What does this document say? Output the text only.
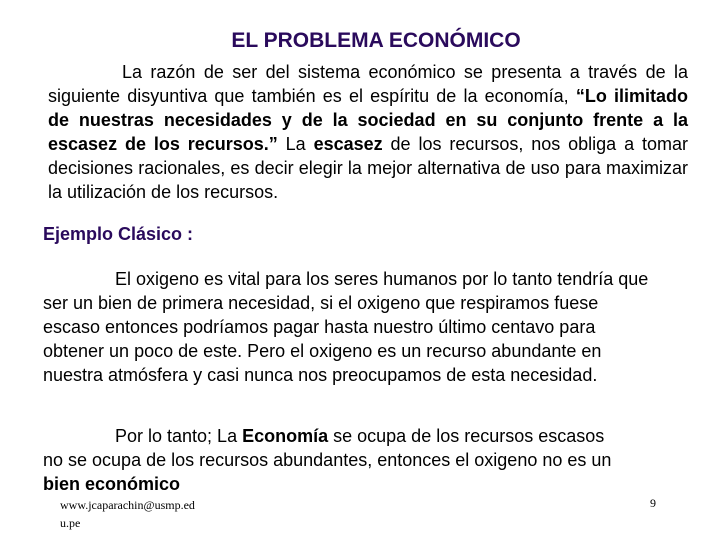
EL PROBLEMA ECONÓMICO

La razón de ser del sistema económico se presenta a través de la siguiente disyuntiva que también es el espíritu de la economía, “Lo ilimitado de nuestras necesidades y de la sociedad en su conjunto frente a la escasez de los recursos.” La escasez de los recursos, nos obliga a tomar decisiones racionales, es decir elegir la mejor alternativa de uso para maximizar la utilización de los recursos.

Ejemplo Clásico :

El oxigeno es vital para los seres humanos por lo tanto tendría que ser un bien de primera necesidad, si el oxigeno que respiramos fuese escaso entonces podríamos pagar hasta nuestro último centavo para obtener un poco de este. Pero el oxigeno es un recurso abundante en nuestra atmósfera y casi nunca nos preocupamos de esta necesidad.

Por lo tanto; La Economía se ocupa de los recursos escasos no se ocupa de los recursos abundantes, entonces el oxigeno no es un bien económico

www.jcaparachin@usmp.edu.pe
9
